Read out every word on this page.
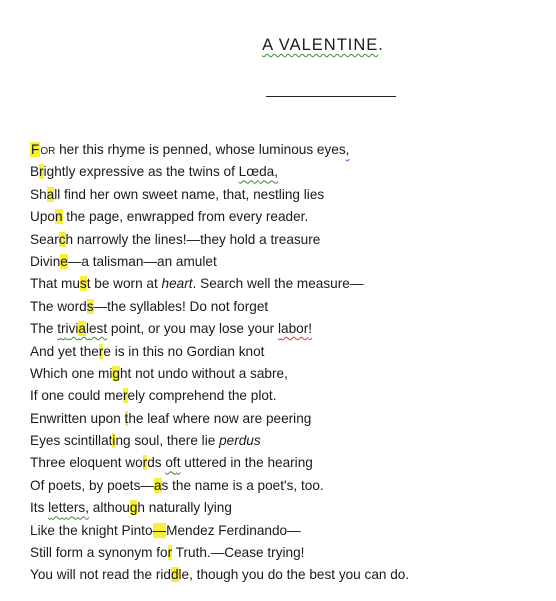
A VALENTINE.
For her this rhyme is penned, whose luminous eyes,
Brightly expressive as the twins of Lœda,
Shall find her own sweet name, that, nestling lies
Upon the page, enwrapped from every reader.
Search narrowly the lines!—they hold a treasure
Divine—a talisman—an amulet
That must be worn at heart. Search well the measure—
The words—the syllables! Do not forget
The trivialest point, or you may lose your labor!
And yet there is in this no Gordian knot
Which one might not undo without a sabre,
If one could merely comprehend the plot.
Enwritten upon the leaf where now are peering
Eyes scintillating soul, there lie perdus
Three eloquent words oft uttered in the hearing
Of poets, by poets—as the name is a poet's, too.
Its letters, although naturally lying
Like the knight Pinto—Mendez Ferdinando—
Still form a synonym for Truth.—Cease trying!
You will not read the riddle, though you do the best you can do.
